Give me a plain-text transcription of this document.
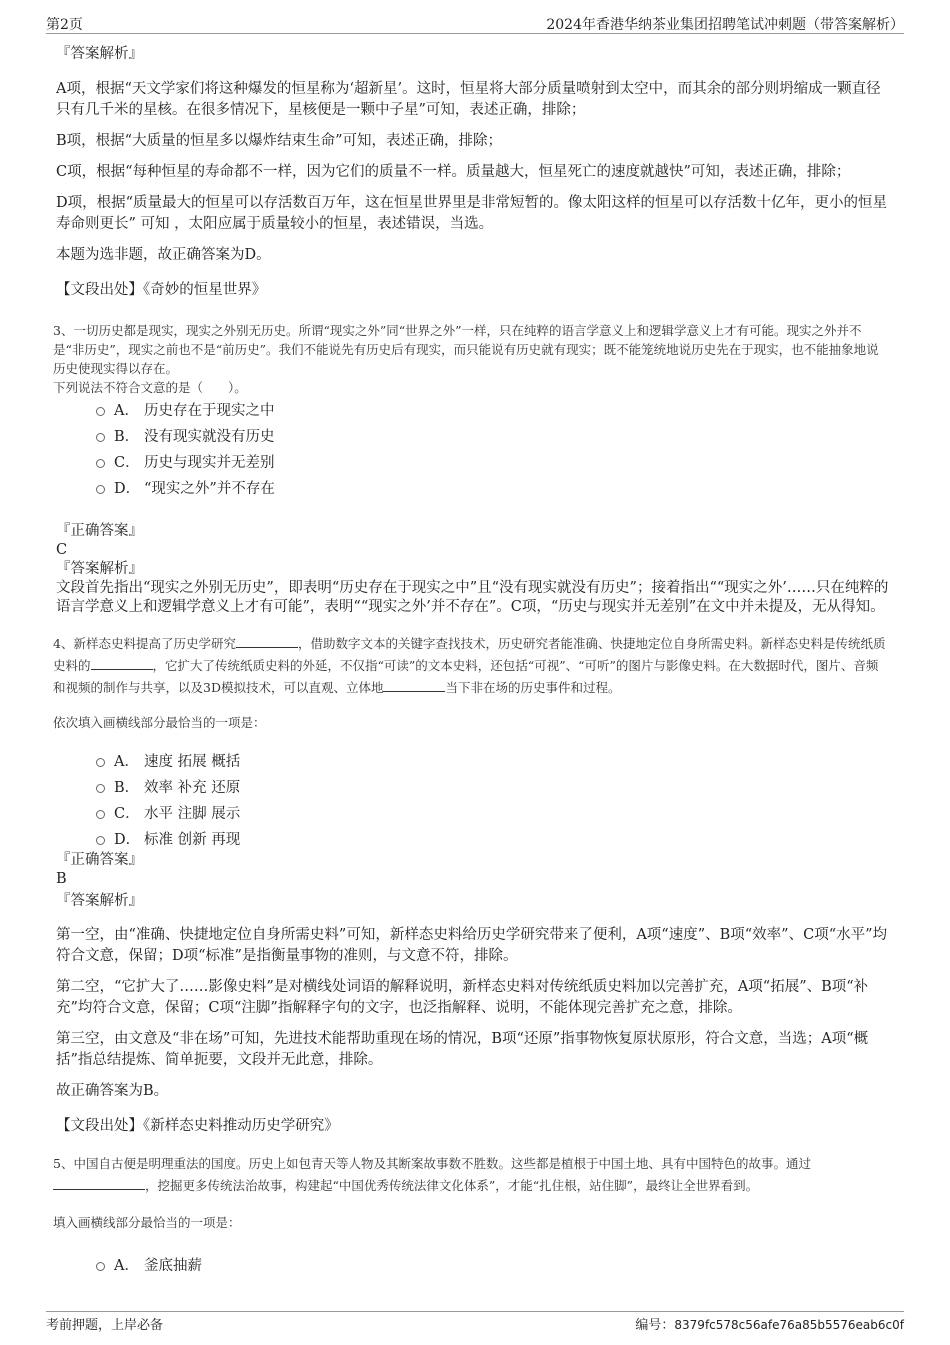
第2页	2024年香港华纳茶业集团招聘笔试冲刺题（带答案解析）
『答案解析』
A项，根据“天文学家们将这种爆发的恒星称为‘超新星’。这时，恒星将大部分质量喷射到太空中，而其余的部分则坍缩成一颗直径只有几千米的星核。在很多情况下，星核便是一颗中子星”可知，表述正确，排除；
B项，根据“大质量的恒星多以爆炸结束生命”可知，表述正确，排除；
C项，根据“每种恒星的寿命都不一样，因为它们的质量不一样。质量越大，恒星死亡的速度就越快”可知，表述正确，排除；
D项，根据“质量最大的恒星可以存活数百万年，这在恒星世界里是非常短暂的。像太阳这样的恒星可以存活数十亿年，更小的恒星寿命则更长” 可知 ，太阳应属于质量较小的恒星，表述错误，当选。
本题为选非题，故正确答案为D。
【文段出处】《奇妙的恒星世界》
3、一切历史都是现实，现实之外别无历史。所谓“现实之外”同“世界之外”一样，只在纯粹的语言学意义上和逻辑学意义上才有可能。现实之外并不是“非历史”，现实之前也不是“前历史”。我们不能说先有历史后有现实，而只能说有历史就有现实；既不能笼统地说历史先在于现实，也不能抽象地说历史使现实得以存在。
下列说法不符合文意的是（　　）。
A． 历史存在于现实之中
B． 没有现实就没有历史
C． 历史与现实并无差别
D． “现实之外”并不存在
『正确答案』
C
『答案解析』
文段首先指出“现实之外别无历史”，即表明“历史存在于现实之中”且“没有现实就没有历史”；接着指出““现实之外’……只在纯粹的语言学意义上和逻辑学意义上才有可能”，表明““现实之外’并不存在”。C项，“历史与现实并无差别”在文中并未提及，无从得知。
4、新样态史料提高了历史学研究	，借助数字文本的关键字查找技术，历史研究者能准确、快捷地定位自身所需史料。新样态史料是传统纸质史料的	，它扩大了传统纸质史料的外延，不仅指“可读”的文本史料，还包括“可视”、“可听”的图片与影像史料。在大数据时代，图片、音频和视频的制作与共享，以及3D模拟技术，可以直观、立体地	当下非在场的历史事件和过程。
依次填入画横线部分最恰当的一项是：
A． 速度 拓展 概括
B． 效率 补充 还原
C． 水平 注脚 展示
D． 标准 创新 再现
『正确答案』
B
『答案解析』
第一空，由“准确、快捷地定位自身所需史料”可知，新样态史料给历史学研究带来了便利，A项“速度”、B项“效率”、C项“水平”均符合文意，保留；D项“标准”是指衡量事物的准则，与文意不符，排除。
第二空，“它扩大了……影像史料”是对横线处词语的解释说明，新样态史料对传统纸质史料加以完善扩充，A项“拓展”、B项“补充”均符合文意，保留；C项“注脚”指解释字句的文字，也泛指解释、说明，不能体现完善扩充之意，排除。
第三空，由文意及“非在场”可知，先进技术能帮助重现在场的情况，B项“还原”指事物恢复原状原形，符合文意，当选；A项“概括”指总结提炼、简单扼要，文段并无此意，排除。
故正确答案为B。
【文段出处】《新样态史料推动历史学研究》
5、中国自古便是明理重法的国度。历史上如包青天等人物及其断案故事数不胜数。这些都是植根于中国土地、具有中国特色的故事。通过，挖掘更多传统法治故事，构建起“中国优秀传统法律文化体系”，才能“扎住根，站住脚”，最终让全世界看到。
填入画横线部分最恰当的一项是：
A． 釜底抽薪
考前押题，上岸必备	编号：8379fc578c56afe76a85b5576eab6c0f
